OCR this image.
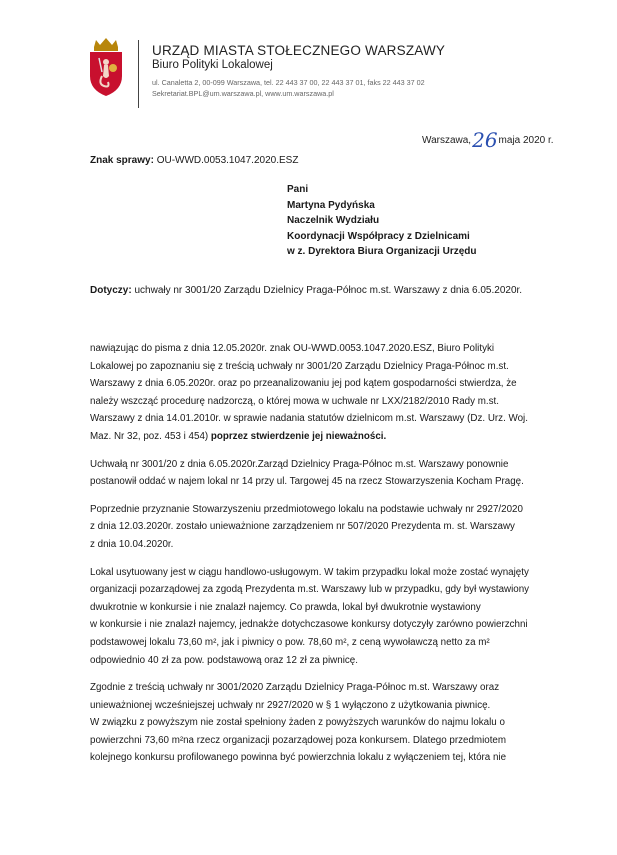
URZĄD MIASTA STOŁECZNEGO WARSZAWY
Biuro Polityki Lokalowej
ul. Canaletta 2, 00-099 Warszawa, tel. 22 443 37 00, 22 443 37 01, faks 22 443 37 02
Sekretariat.BPL@um.warszawa.pl, www.um.warszawa.pl
Warszawa,26maja 2020 r.
Znak sprawy: OU-WWD.0053.1047.2020.ESZ
Pani
Martyna Pydyńska
Naczelnik Wydziału
Koordynacji Współpracy z Dzielnicami
w z. Dyrektora Biura Organizacji Urzędu
Dotyczy: uchwały nr 3001/20 Zarządu Dzielnicy Praga-Północ m.st. Warszawy z dnia 6.05.2020r.
nawiązując do pisma z dnia 12.05.2020r. znak OU-WWD.0053.1047.2020.ESZ, Biuro Polityki
Lokalowej po zapoznaniu się z treścią uchwały nr 3001/20 Zarządu Dzielnicy Praga-Północ m.st.
Warszawy z dnia 6.05.2020r. oraz po przeanalizowaniu jej pod kątem gospodarności stwierdza, że
należy wszcząć procedurę nadzorczą, o której mowa w uchwale nr LXX/2182/2010 Rady m.st.
Warszawy z dnia 14.01.2010r. w sprawie nadania statutów dzielnicom m.st. Warszawy (Dz. Urz. Woj.
Maz. Nr 32, poz. 453 i 454) poprzez stwierdzenie jej nieważności.
Uchwałą nr 3001/20 z dnia 6.05.2020r.Zarząd Dzielnicy Praga-Północ m.st. Warszawy ponownie
postanowił oddać w najem lokal nr 14 przy ul. Targowej 45 na rzecz Stowarzyszenia Kocham Pragę.
Poprzednie przyznanie Stowarzyszeniu przedmiotowego lokalu na podstawie uchwały nr 2927/2020
z dnia 12.03.2020r. zostało unieważnione zarządzeniem nr 507/2020 Prezydenta m. st. Warszawy
z dnia 10.04.2020r.
Lokal usytuowany jest w ciągu handlowo-usługowym. W takim przypadku lokal może zostać wynajęty
organizacji pozarządowej za zgodą Prezydenta m.st. Warszawy lub w przypadku, gdy był wystawiony
dwukrotnie w konkursie i nie znalazł najemcy. Co prawda, lokal był dwukrotnie wystawiony
w konkursie i nie znalazł najemcy, jednakże dotychczasowe konkursy dotyczyły zarówno powierzchni
podstawowej lokalu 73,60 m², jak i piwnicy o pow. 78,60 m², z ceną wywoławczą netto za m²
odpowiednio 40 zł za pow. podstawową oraz 12 zł za piwnicę.
Zgodnie z treścią uchwały nr 3001/2020 Zarządu Dzielnicy Praga-Północ m.st. Warszawy oraz
unieważnionej wcześniejszej uchwały nr 2927/2020 w § 1 wyłączono z użytkowania piwnicę.
W związku z powyższym nie został spełniony żaden z powyższych warunków do najmu lokalu o
powierzchni 73,60 m²na rzecz organizacji pozarządowej poza konkursem. Dlatego przedmiotem
kolejnego konkursu profilowanego powinna być powierzchnia lokalu z wyłączeniem tej, która nie
